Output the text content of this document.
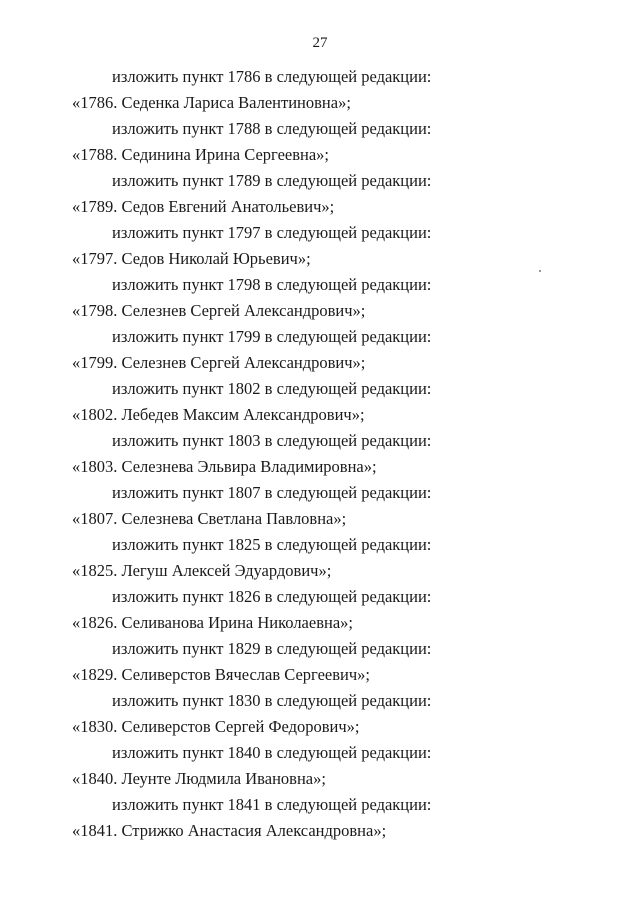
27
изложить пункт 1786 в следующей редакции:
«1786. Седенка Лариса Валентиновна»;
изложить пункт 1788 в следующей редакции:
«1788. Сединина Ирина Сергеевна»;
изложить пункт 1789 в следующей редакции:
«1789. Седов Евгений Анатольевич»;
изложить пункт 1797 в следующей редакции:
«1797. Седов Николай Юрьевич»;
изложить пункт 1798 в следующей редакции:
«1798. Селезнев Сергей Александрович»;
изложить пункт 1799 в следующей редакции:
«1799. Селезнев Сергей Александрович»;
изложить пункт 1802 в следующей редакции:
«1802. Лебедев Максим Александрович»;
изложить пункт 1803 в следующей редакции:
«1803. Селезнева Эльвира Владимировна»;
изложить пункт 1807 в следующей редакции:
«1807. Селезнева Светлана Павловна»;
изложить пункт 1825 в следующей редакции:
«1825. Легуш Алексей Эдуардович»;
изложить пункт 1826 в следующей редакции:
«1826. Селиванова Ирина Николаевна»;
изложить пункт 1829 в следующей редакции:
«1829. Селиверстов Вячеслав Сергеевич»;
изложить пункт 1830 в следующей редакции:
«1830. Селиверстов Сергей Федорович»;
изложить пункт 1840 в следующей редакции:
«1840. Леунте Людмила Ивановна»;
изложить пункт 1841 в следующей редакции:
«1841. Стрижко Анастасия Александровна»;
